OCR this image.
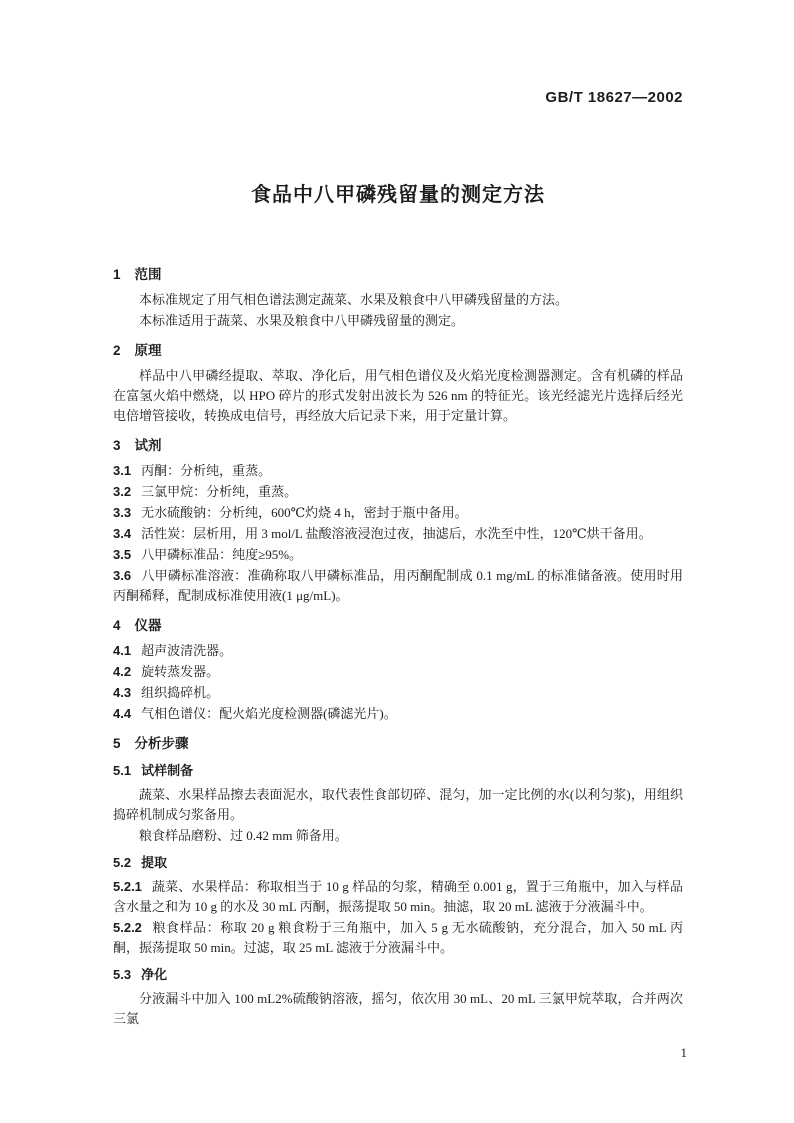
GB/T 18627—2002
食品中八甲磷残留量的测定方法
1 范围

本标准规定了用气相色谱法测定蔬菜、水果及粮食中八甲磷残留量的方法。

本标准适用于蔬菜、水果及粮食中八甲磷残留量的测定。

2 原理

样品中八甲磷经提取、萃取、净化后，用气相色谱仪及火焰光度检测器测定。含有机磷的样品在富氢火焰中燃烧，以 HPO 碎片的形式发射出波长为 526 nm 的特征光。该光经滤光片选择后经光电倍增管接收，转换成电信号，再经放大后记录下来，用于定量计算。

3 试剂
3.1 丙酮：分析纯，重蒸。
3.2 三氯甲烷：分析纯，重蒸。
3.3 无水硫酸钠：分析纯，600℃灼烧 4 h，密封于瓶中备用。
3.4 活性炭：层析用，用 3 mol/L 盐酸溶液浸泡过夜，抽滤后，水洗至中性，120℃烘干备用。
3.5 八甲磷标准品：纯度≥95%。
3.6 八甲磷标准溶液：准确称取八甲磷标准品，用丙酮配制成 0.1 mg/mL 的标准储备液。使用时用丙酮稀释，配制成标准使用液(1 μg/mL)。
4 仪器
4.1 超声波清洗器。
4.2 旋转蒸发器。
4.3 组织捣碎机。
4.4 气相色谱仪：配火焰光度检测器(磷滤光片)。
5 分析步骤
5.1 试样制备

蔬菜、水果样品擦去表面泥水，取代表性食部切碎、混匀，加一定比例的水(以利匀浆)，用组织捣碎机制成匀浆备用。

粮食样品磨粉、过 0.42 mm 筛备用。

5.2 提取
5.2.1 蔬菜、水果样品：称取相当于 10 g 样品的匀浆，精确至 0.001 g，置于三角瓶中，加入与样品含水量之和为 10 g 的水及 30 mL 丙酮，振荡提取 50 min。抽滤，取 20 mL 滤液于分液漏斗中。
5.2.2 粮食样品：称取 20 g 粮食粉于三角瓶中，加入 5 g 无水硫酸钠，充分混合，加入 50 mL 丙酮，振荡提取 50 min。过滤，取 25 mL 滤液于分液漏斗中。
5.3 净化

分液漏斗中加入 100 mL2%硫酸钠溶液，摇匀，依次用 30 mL、20 mL 三氯甲烷萃取，合并两次三氯

1
